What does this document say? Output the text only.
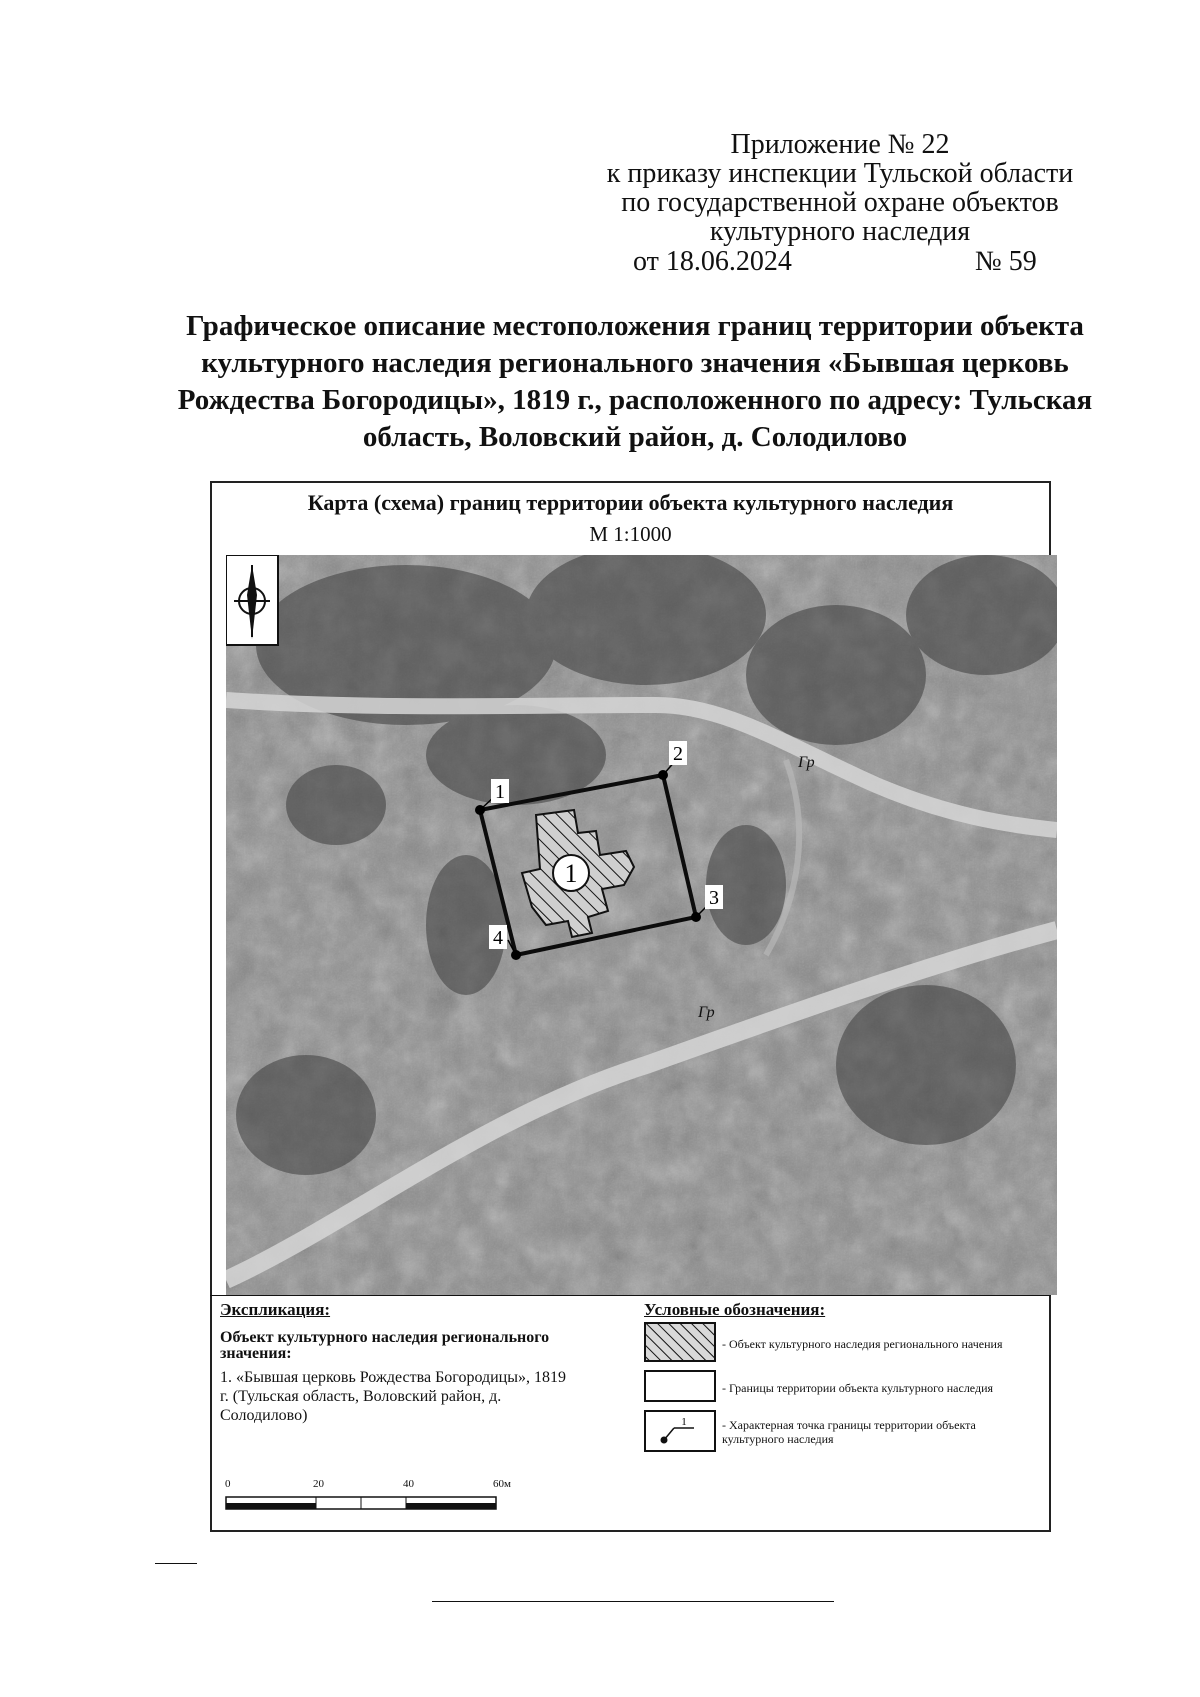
Приложение № 22
к приказу инспекции Тульской области
по государственной охране объектов
культурного наследия
от 18.06.2024	№ 59
Графическое описание местоположения границ территории объекта
культурного наследия регионального значения «Бывшая церковь
Рождества Богородицы», 1819 г., расположенного по адресу: Тульская
область, Воловский район, д. Солодилово
Карта (схема) границ территории объекта культурного наследия
М 1:1000
1
2
3
4
1
Гр
Гр
Экспликация:
Объект культурного наследия регионального
значения:
1. «Бывшая церковь Рождества Богородицы», 1819
г. (Тульская область, Воловский район, д.
Солодилово)
Условные обозначения:
- Объект культурного наследия регионального начения
- Границы территории объекта культурного наследия
1	- Характерная точка границы территории объекта
культурного наследия
0	20	40	60м
